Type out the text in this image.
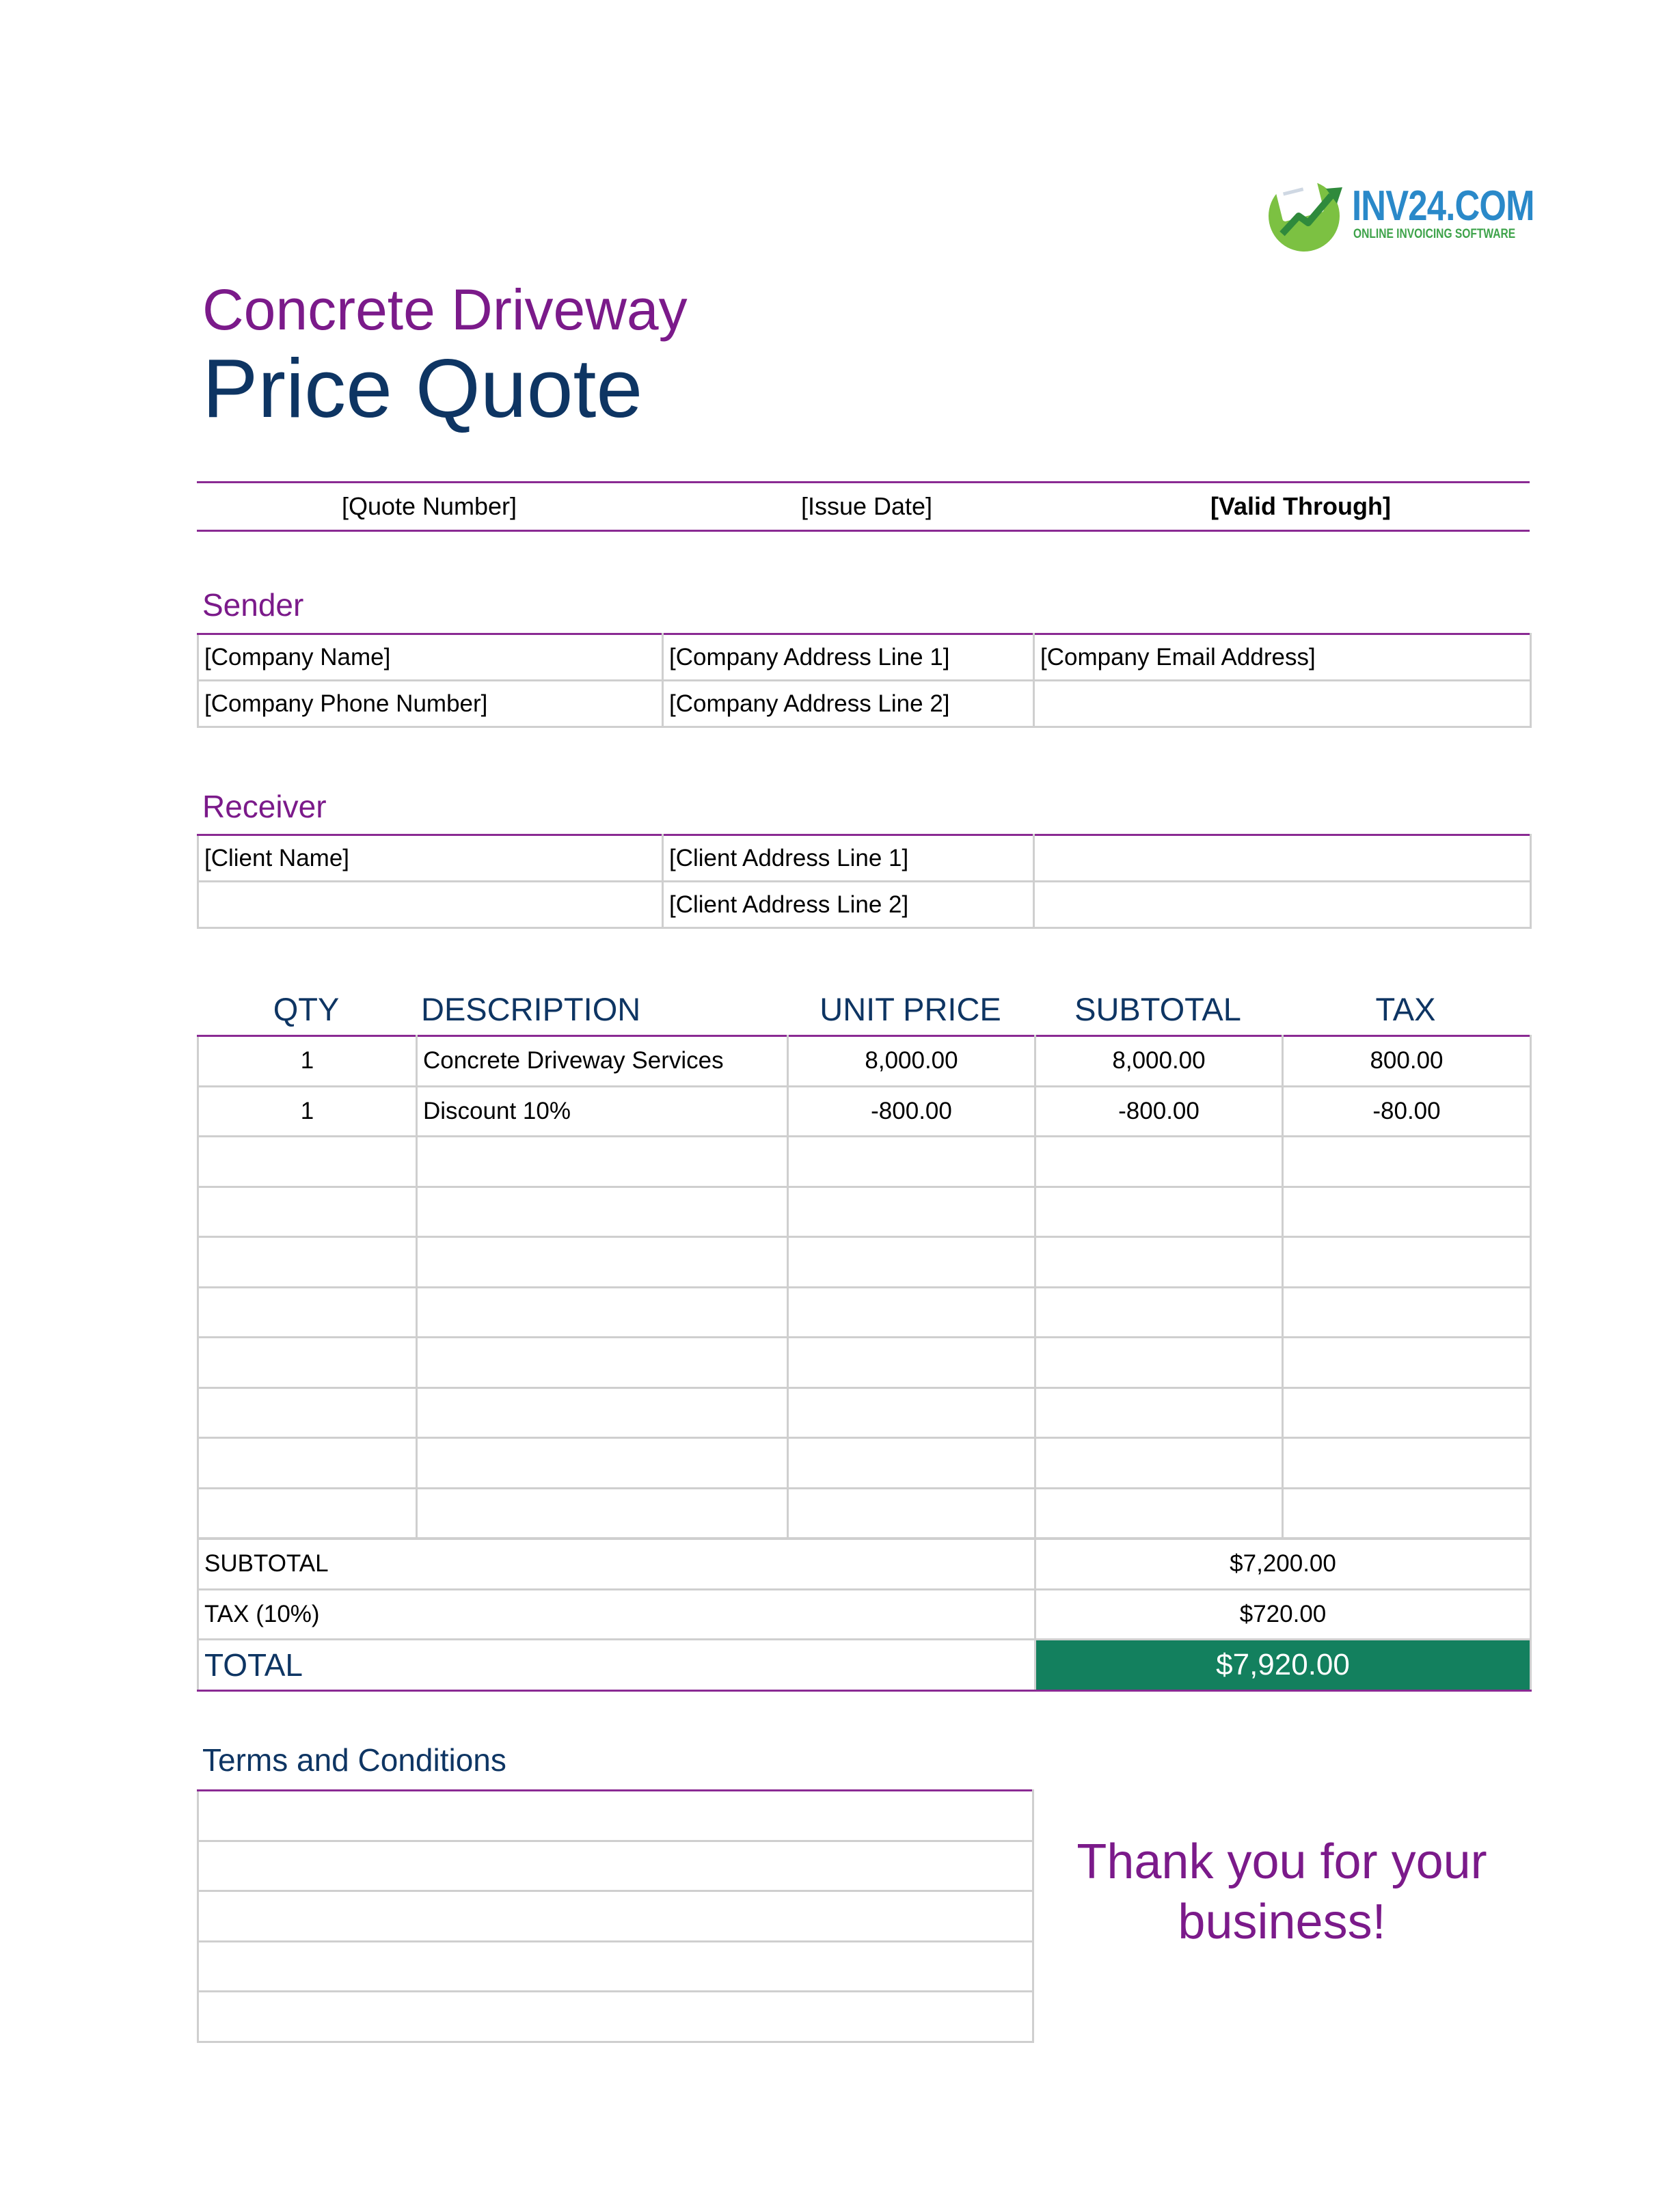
INV24.COM
ONLINE INVOICING SOFTWARE
Concrete Driveway
Price Quote
[Quote Number]	[Issue Date]	[Valid Through]
Sender
[Company Name]	[Company Address Line 1]	[Company Email Address]
[Company Phone Number]	[Company Address Line 2]	
Receiver
[Client Name]	[Client Address Line 1]	
	[Client Address Line 2]	
QTY	DESCRIPTION	UNIT PRICE	SUBTOTAL	TAX
1	Concrete Driveway Services	8,000.00	8,000.00	800.00
1	Discount 10%	-800.00	-800.00	-80.00

SUBTOTAL	$7,200.00
TAX (10%)	$720.00
TOTAL	$7,920.00
Terms and Conditions

Thank you for your business!
